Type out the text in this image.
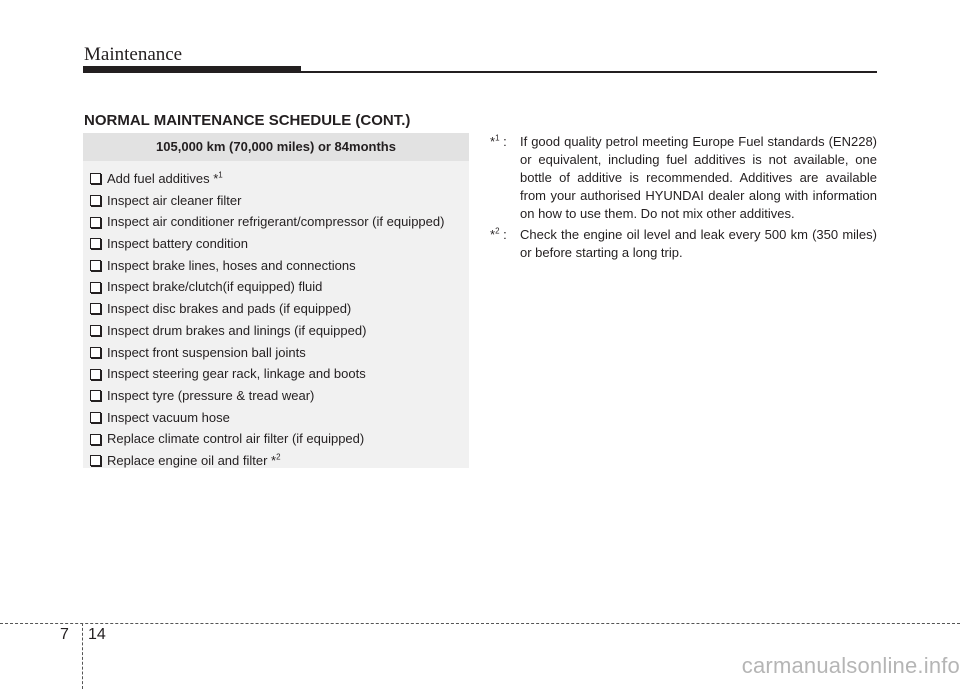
Maintenance
NORMAL MAINTENANCE SCHEDULE (CONT.)
105,000 km (70,000 miles) or 84months
Add fuel additives *$^1$
Inspect air cleaner filter
Inspect air conditioner refrigerant/compressor (if equipped)
Inspect battery condition
Inspect brake lines, hoses and connections
Inspect brake/clutch(if equipped) fluid
Inspect disc brakes and pads (if equipped)
Inspect drum brakes and linings (if equipped)
Inspect front suspension ball joints
Inspect steering gear rack, linkage and boots
Inspect tyre (pressure & tread wear)
Inspect vacuum hose
Replace climate control air filter (if equipped)
Replace engine oil and filter *$^2$
*$^1$ :	If good quality petrol meeting Europe Fuel standards (EN228) or equivalent, including fuel additives is not available, one bottle of additive is recommended. Additives are available from your authorised HYUNDAI dealer along with information on how to use them. Do not mix other additives.
*$^2$ :	Check the engine oil level and leak every 500 km (350 miles) or before starting a long trip.
7 14
carmanualsonline.info
